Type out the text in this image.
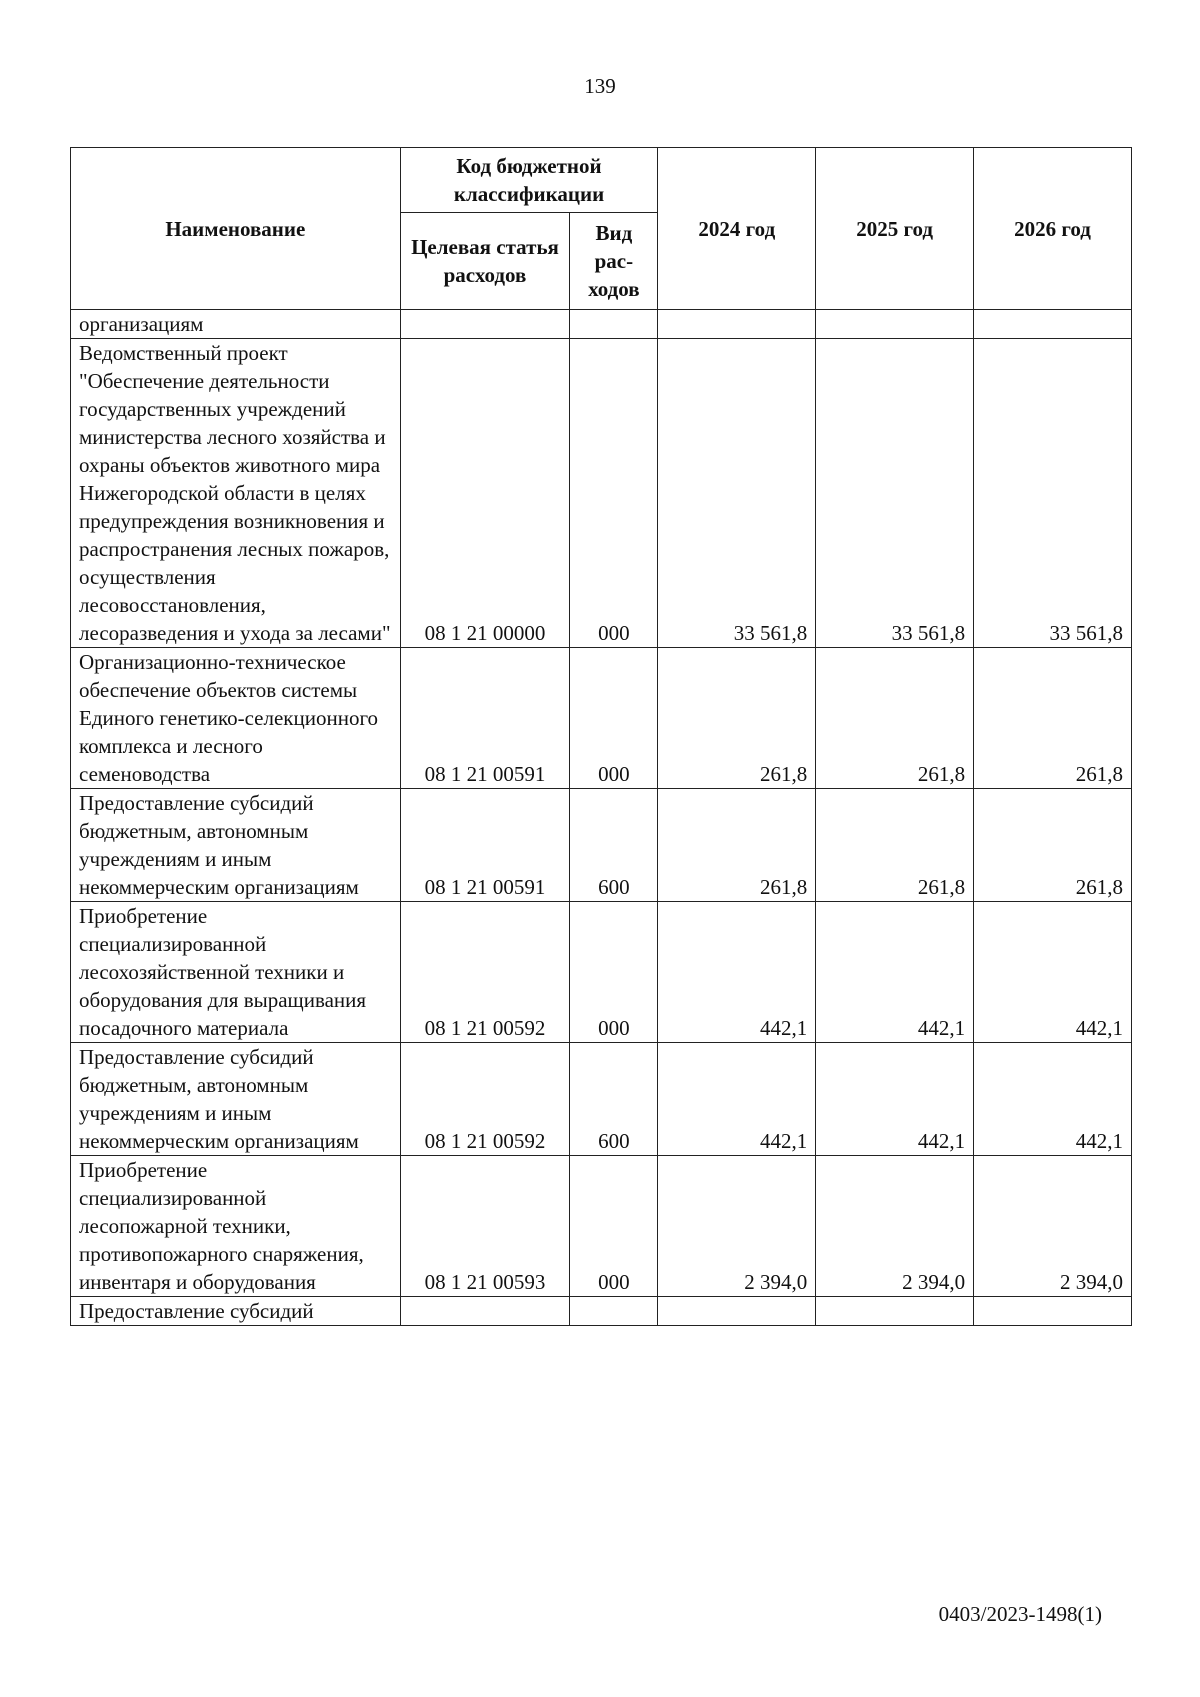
139
Наименование	Код бюджетной классификации		2024 год	2025 год	2026 год
	Целевая статья расходов	Вид рас-ходов			
организациям					
Ведомственный проект "Обеспечение деятельности государственных учреждений министерства лесного хозяйства и охраны объектов животного мира Нижегородской области в целях предупреждения возникновения и распространения лесных пожаров, осуществления лесовосстановления, лесоразведения и ухода за лесами"	08 1 21 00000	000	33 561,8	33 561,8	33 561,8
Организационно-техническое обеспечение объектов системы Единого генетико-селекционного комплекса и лесного семеноводства	08 1 21 00591	000	261,8	261,8	261,8
Предоставление субсидий бюджетным, автономным учреждениям и иным некоммерческим организациям	08 1 21 00591	600	261,8	261,8	261,8
Приобретение специализированной лесохозяйственной техники и оборудования для выращивания посадочного материала	08 1 21 00592	000	442,1	442,1	442,1
Предоставление субсидий бюджетным, автономным учреждениям и иным некоммерческим организациям	08 1 21 00592	600	442,1	442,1	442,1
Приобретение специализированной лесопожарной техники, противопожарного снаряжения, инвентаря и оборудования	08 1 21 00593	000	2 394,0	2 394,0	2 394,0
Предоставление субсидий					
0403/2023-1498(1)
